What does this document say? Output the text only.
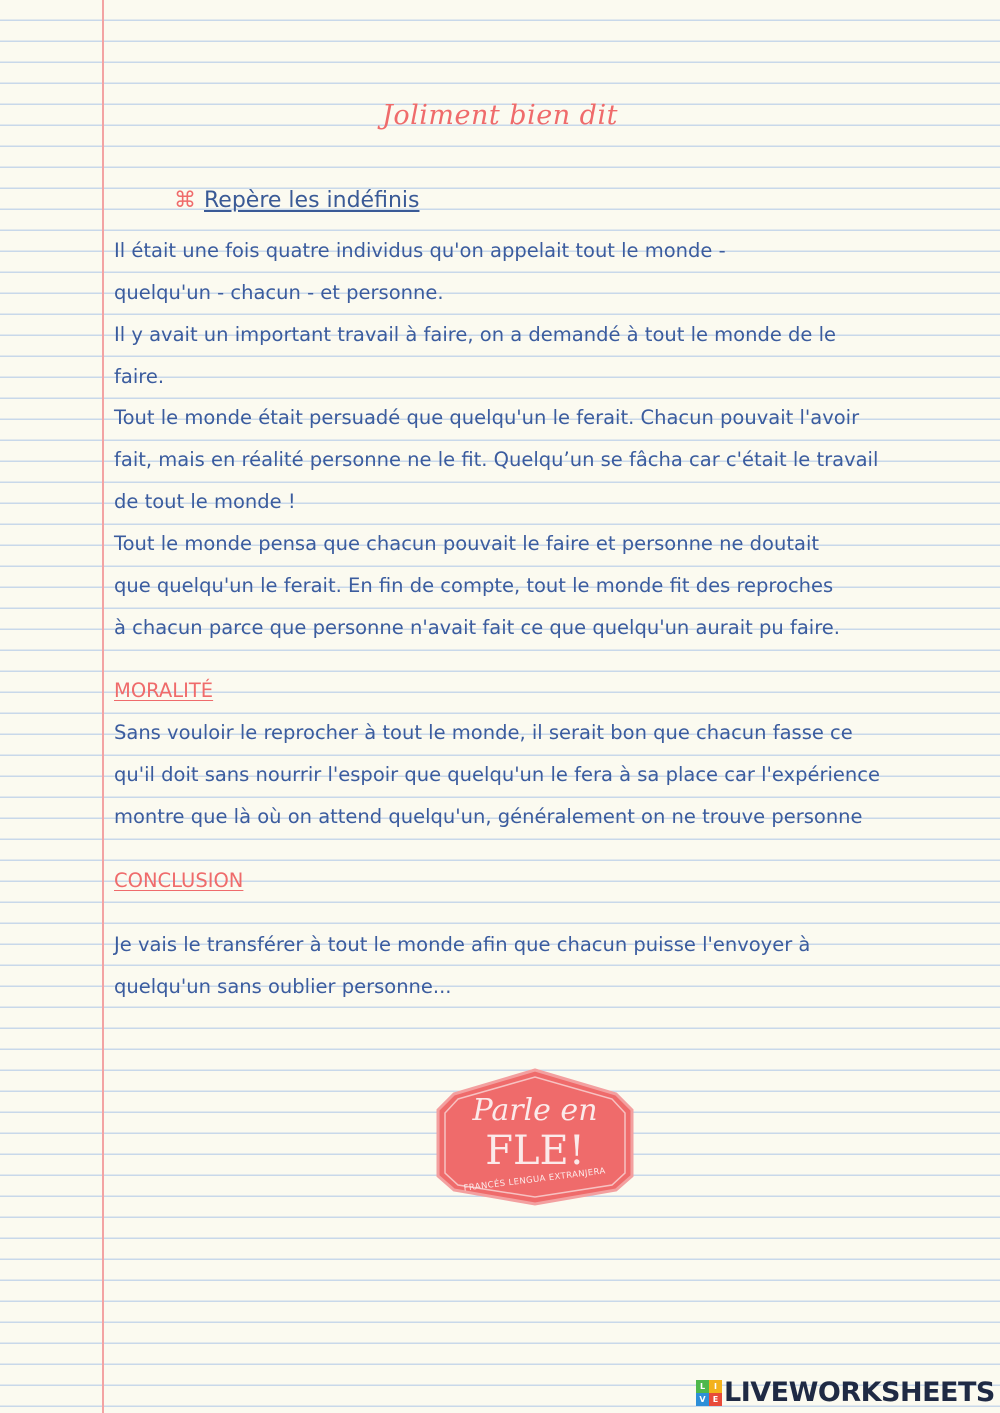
Joliment bien dit
⌘ Repère les indéfinis
Il était une fois quatre individus qu'on appelait tout le monde -
quelqu'un - chacun - et personne.
Il y avait un important travail à faire, on a demandé à tout le monde de le
faire.
Tout le monde était persuadé que quelqu'un le ferait. Chacun pouvait l'avoir
fait, mais en réalité personne ne le fit. Quelqu’un se fâcha car c'était le travail
de tout le monde !
Tout le monde pensa que chacun pouvait le faire et personne ne doutait
que quelqu'un le ferait. En fin de compte, tout le monde fit des reproches
à chacun parce que personne n'avait fait ce que quelqu'un aurait pu faire.
MORALITÉ
Sans vouloir le reprocher à tout le monde, il serait bon que chacun fasse ce
qu'il doit sans nourrir l'espoir que quelqu'un le fera à sa place car l'expérience
montre que là où on attend quelqu'un, généralement on ne trouve personne
CONCLUSION
Je vais le transférer à tout le monde afin que chacun puisse l'envoyer à
quelqu'un sans oublier personne...
Parle en
FLE!
FRANCÉS LENGUA EXTRANJERA
L	I
V E LIVEWORKSHEETS
